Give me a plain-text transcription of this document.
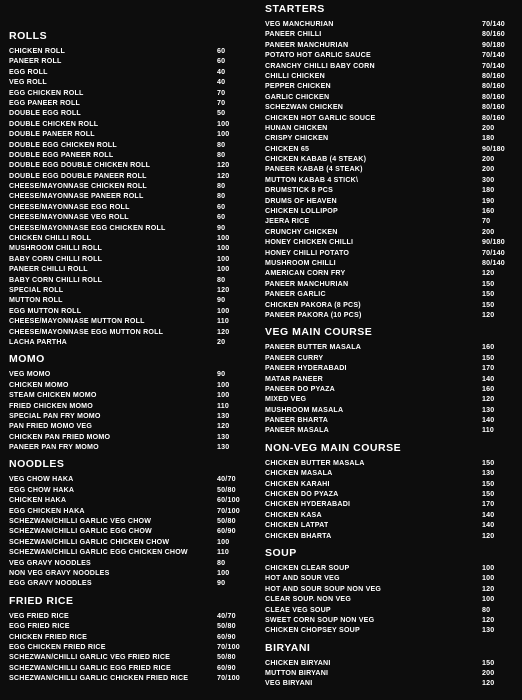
ROLLS
CHICKEN ROLL	60
PANEER ROLL	60
EGG ROLL	40
VEG ROLL	40
EGG CHICKEN ROLL	70
EGG PANEER ROLL	70
DOUBLE EGG ROLL	50
DOUBLE CHICKEN ROLL	100
DOUBLE PANEER ROLL	100
DOUBLE EGG CHICKEN ROLL	80
DOUBLE EGG PANEER ROLL	80
DOUBLE EGG DOUBLE CHICKEN ROLL	120
DOUBLE EGG DOUBLE PANEER ROLL	120
CHEESE/MAYONNASE CHICKEN ROLL	80
CHEESE/MAYONNASE PANEER ROLL	80
CHEESE/MAYONNASE EGG ROLL	60
CHEESE/MAYONNASE VEG ROLL	60
CHEESE/MAYONNASE EGG CHICKEN ROLL	90
CHICKEN CHILLI ROLL	100
MUSHROOM CHILLI ROLL	100
BABY CORN CHILLI ROLL	100
PANEER CHILLI ROLL	100
BABY CORN CHILLI ROLL	80
SPECIAL ROLL	120
MUTTON ROLL	90
EGG MUTTON ROLL	100
CHEESE/MAYONNASE MUTTON ROLL	110
CHEESE/MAYONNASE EGG MUTTON ROLL	120
LACHA PARTHA	20
MOMO
VEG MOMO	90
CHICKEN MOMO	100
STEAM CHICKEN MOMO	100
FRIED CHICKEN MOMO	110
SPECIAL PAN FRY MOMO	130
PAN FRIED MOMO VEG	120
CHICKEN PAN FRIED MOMO	130
PANEER PAN FRY MOMO	130
NOODLES
VEG CHOW HAKA	40/70
EGG CHOW HAKA	50/80
CHICKEN HAKA	60/100
EGG CHICKEN HAKA	70/100
SCHEZWAN/CHILLI GARLIC VEG CHOW	50/80
SCHEZWAN/CHILLI GARLIC EGG CHOW	60/90
SCHEZWAN/CHILLI GARLIC CHICKEN CHOW	100
SCHEZWAN/CHILLI GARLIC EGG CHICKEN CHOW	110
VEG GRAVY NOODLES	80
NON VEG GRAVY NOODLES	100
EGG GRAVY NOODLES	90
FRIED RICE
VEG FRIED RICE	40/70
EGG FRIED RICE	50/80
CHICKEN FRIED RICE	60/90
EGG CHICKEN FRIED RICE	70/100
SCHEZWAN/CHILLI GARLIC VEG FRIED RICE	50/80
SCHEZWAN/CHILLI GARLIC EGG FRIED RICE	60/90
SCHEZWAN/CHILLI GARLIC CHICKEN FRIED RICE	70/100
STARTERS
VEG MANCHURIAN	70/140
PANEER CHILLI	80/160
PANEER MANCHURIAN	90/180
POTATO HOT GARLIC SAUCE	70/140
CRANCHY CHILLI BABY CORN	70/140
CHILLI CHICKEN	80/160
PEPPER CHICKEN	80/160
GARLIC CHICKEN	80/160
SCHEZWAN CHICKEN	80/160
CHICKEN HOT GARLIC SOUCE	80/160
HUNAN CHICKEN	200
CRISPY CHICKEN	180
CHICKEN 65	90/180
CHICKEN KABAB (4 STEAK)	200
PANEER KABAB (4 STEAK)	200
MUTTON KABAB 4 STICK\	300
DRUMSTICK 8 PCS	180
DRUMS OF HEAVEN	190
CHICKEN LOLLIPOP	160
JEERA RICE	70
CRUNCHY CHICKEN	200
HONEY CHICKEN CHILLI	90/180
HONEY CHILLI POTATO	70/140
MUSHROOM CHILLI	80/140
AMERICAN CORN FRY	120
PANEER MANCHURIAN	150
PANEER GARLIC	150
CHICKEN PAKORA (8 PCS)	150
PANEER PAKORA (10 PCS)	120
VEG MAIN COURSE
PANEER BUTTER MASALA	160
PANEER CURRY	150
PANEER HYDERABADI	170
MATAR PANEER	140
PANEER DO PYAZA	160
MIXED VEG	120
MUSHROOM MASALA	130
PANEER BHARTA	140
PANEER MASALA	110
NON-VEG MAIN COURSE
CHICKEN BUTTER MASALA	150
CHICKEN MASALA	130
CHICKEN KARAHI	150
CHICKEN DO PYAZA	150
CHICKEN HYDERABADI	170
CHICKEN KASA	140
CHICKEN LATPAT	140
CHICKEN BHARTA	120
SOUP
CHICKEN CLEAR SOUP	100
HOT AND SOUR VEG	100
HOT AND SOUR SOUP NON VEG	120
CLEAR SOUP. NON VEG	100
CLEAE VEG SOUP	80
SWEET CORN SOUP NON VEG	120
CHICKEN CHOPSEY SOUP	130
BIRYANI
CHICKEN BIRYANI	150
MUTTON BIRYANI	200
VEG BIRYANI	120
